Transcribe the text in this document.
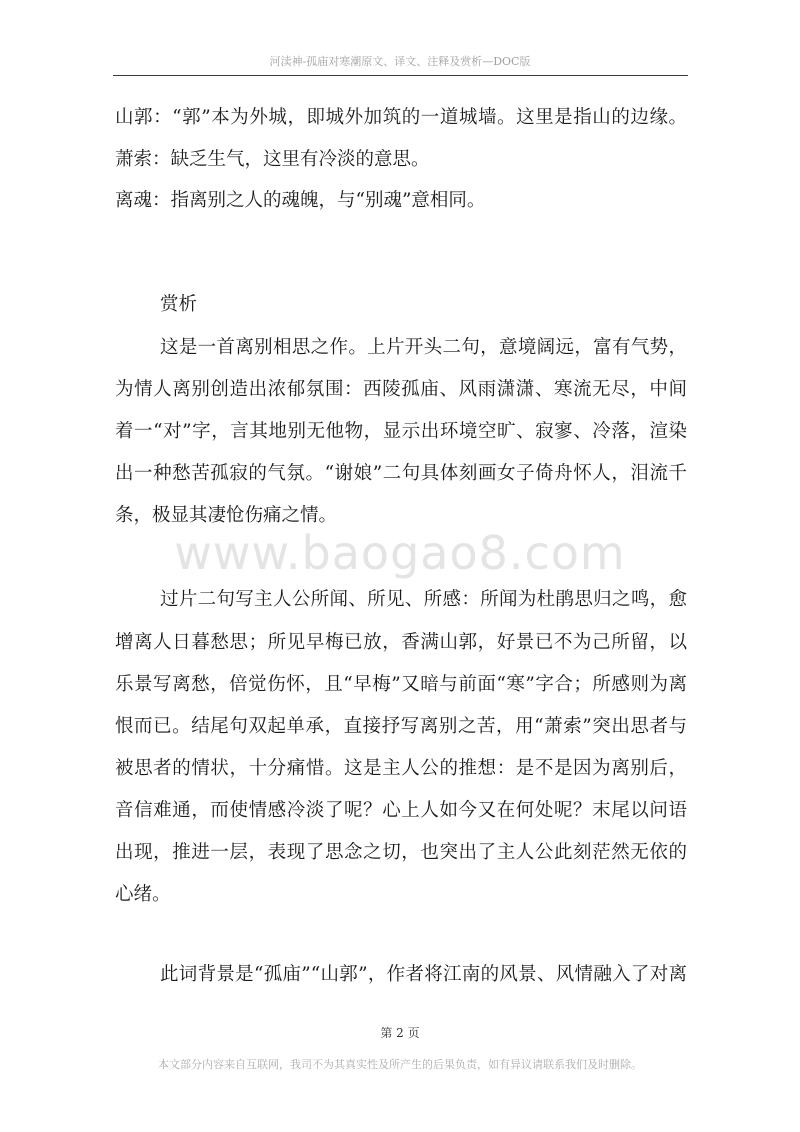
河渎神-孤庙对寒潮原文、译文、注释及赏析—DOC版
山郭：“郭”本为外城，即城外加筑的一道城墙。这里是指山的边缘。
萧索：缺乏生气，这里有冷淡的意思。
离魂：指离别之人的魂魄，与“别魂”意相同。
赏析
这是一首离别相思之作。上片开头二句，意境阔远，富有气势，
为情人离别创造出浓郁氛围：西陵孤庙、风雨潇潇、寒流无尽，中间
着一“对”字，言其地别无他物，显示出环境空旷、寂寥、冷落，渲染
出一种愁苦孤寂的气氛。“谢娘”二句具体刻画女子倚舟怀人，泪流千
条，极显其凄怆伤痛之情。
www.baogao8.com
过片二句写主人公所闻、所见、所感：所闻为杜鹃思归之鸣，愈
增离人日暮愁思；所见早梅已放，香满山郭，好景已不为己所留，以
乐景写离愁，倍觉伤怀，且“早梅”又暗与前面“寒”字合；所感则为离
恨而已。结尾句双起单承，直接抒写离别之苦，用“萧索”突出思者与
被思者的情状，十分痛惜。这是主人公的推想：是不是因为离别后，
音信难通，而使情感冷淡了呢？心上人如今又在何处呢？末尾以问语
出现，推进一层，表现了思念之切，也突出了主人公此刻茫然无依的
心绪。
此词背景是“孤庙”“山郭”，作者将江南的风景、风情融入了对离
第 2 页
本文部分内容来自互联网，我司不为其真实性及所产生的后果负责，如有异议请联系我们及时删除。
